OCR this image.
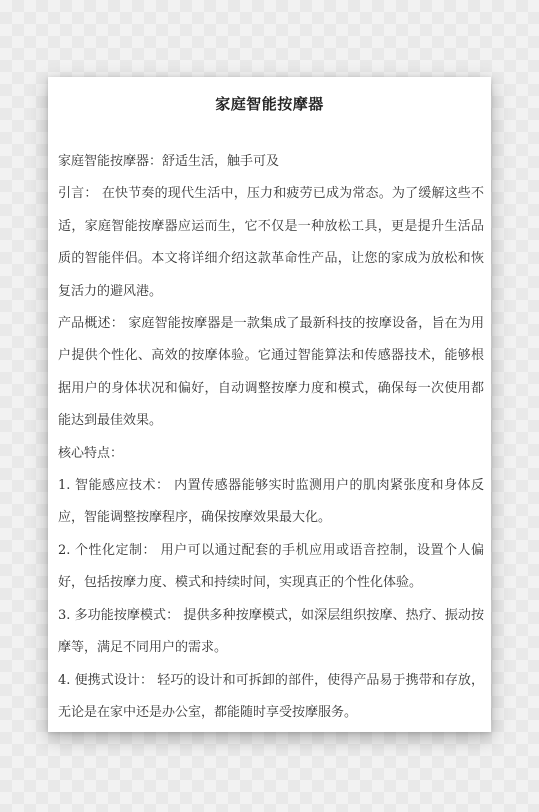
家庭智能按摩器

家庭智能按摩器：舒适生活，触手可及

引言： 在快节奏的现代生活中，压力和疲劳已成为常态。为了缓解这些不适，家庭智能按摩器应运而生，它不仅是一种放松工具，更是提升生活品质的智能伴侣。本文将详细介绍这款革命性产品，让您的家成为放松和恢复活力的避风港。

产品概述： 家庭智能按摩器是一款集成了最新科技的按摩设备，旨在为用户提供个性化、高效的按摩体验。它通过智能算法和传感器技术，能够根据用户的身体状况和偏好，自动调整按摩力度和模式，确保每一次使用都能达到最佳效果。

核心特点：

1. 智能感应技术： 内置传感器能够实时监测用户的肌肉紧张度和身体反应，智能调整按摩程序，确保按摩效果最大化。

2. 个性化定制： 用户可以通过配套的手机应用或语音控制，设置个人偏好，包括按摩力度、模式和持续时间，实现真正的个性化体验。

3. 多功能按摩模式： 提供多种按摩模式，如深层组织按摩、热疗、振动按摩等，满足不同用户的需求。

4. 便携式设计： 轻巧的设计和可拆卸的部件，使得产品易于携带和存放，无论是在家中还是办公室，都能随时享受按摩服务。
